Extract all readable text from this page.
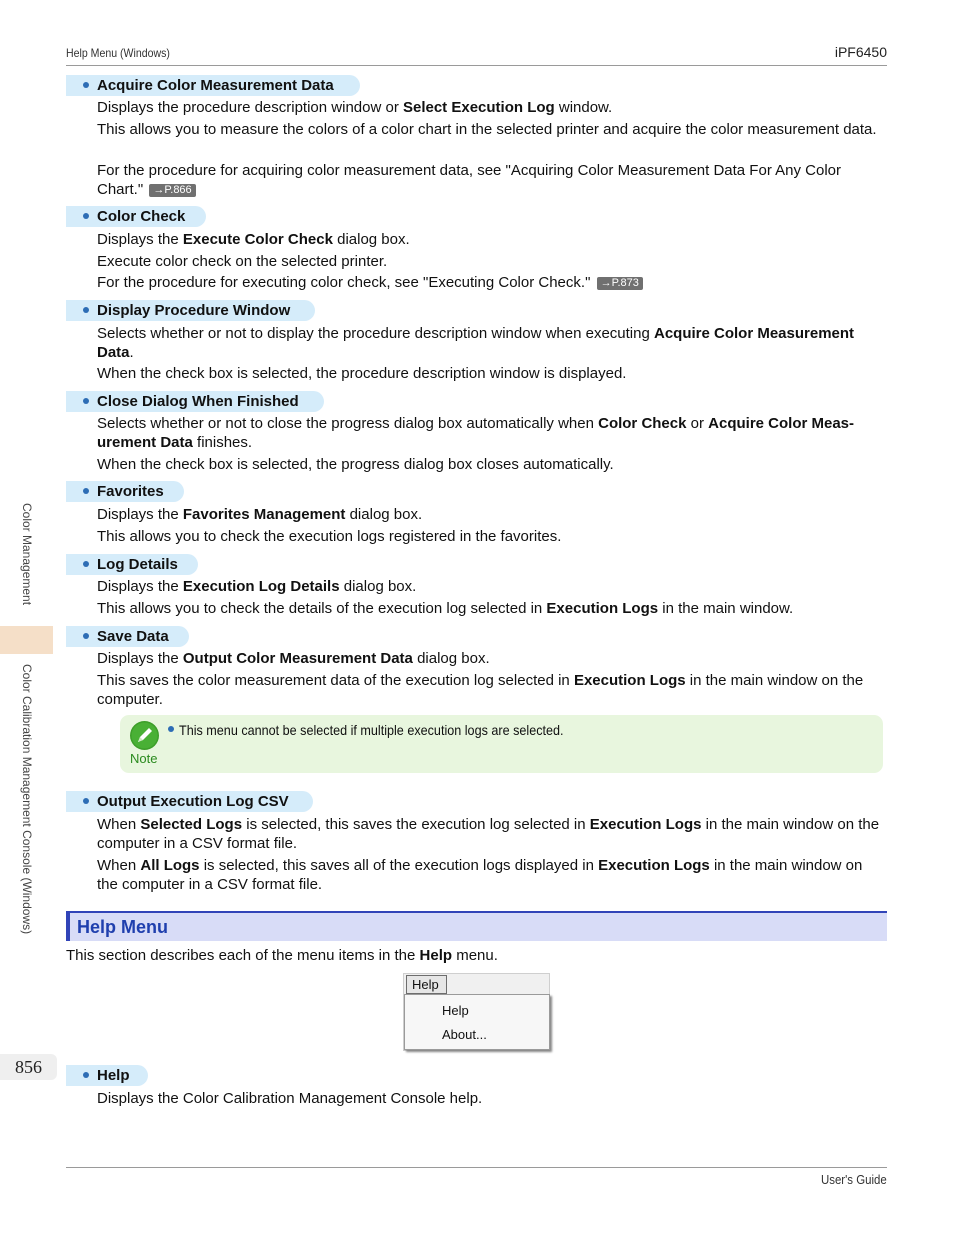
Help Menu (Windows)	iPF6450
Color Management
Color Calibration Management Console (Windows)
856
Acquire Color Measurement Data
Displays the procedure description window or Select Execution Log window.
This allows you to measure the colors of a color chart in the selected printer and acquire the color measurement data.
For the procedure for acquiring color measurement data, see "Acquiring Color Measurement Data For Any Color Chart." →P.866
Color Check
Displays the Execute Color Check dialog box.
Execute color check on the selected printer.
For the procedure for executing color check, see "Executing Color Check." →P.873
Display Procedure Window
Selects whether or not to display the procedure description window when executing Acquire Color Measurement Data.
When the check box is selected, the procedure description window is displayed.
Close Dialog When Finished
Selects whether or not to close the progress dialog box automatically when Color Check or Acquire Color Meas-urement Data finishes.
When the check box is selected, the progress dialog box closes automatically.
Favorites
Displays the Favorites Management dialog box.
This allows you to check the execution logs registered in the favorites.
Log Details
Displays the Execution Log Details dialog box.
This allows you to check the details of the execution log selected in Execution Logs in the main window.
Save Data
Displays the Output Color Measurement Data dialog box.
This saves the color measurement data of the execution log selected in Execution Logs in the main window on the computer.
Note
This menu cannot be selected if multiple execution logs are selected.
Output Execution Log CSV
When Selected Logs is selected, this saves the execution log selected in Execution Logs in the main window on the computer in a CSV format file.
When All Logs is selected, this saves all of the execution logs displayed in Execution Logs in the main window on the computer in a CSV format file.
Help Menu
This section describes each of the menu items in the Help menu.
Help
Help
About...
Help
Displays the Color Calibration Management Console help.
User's Guide
